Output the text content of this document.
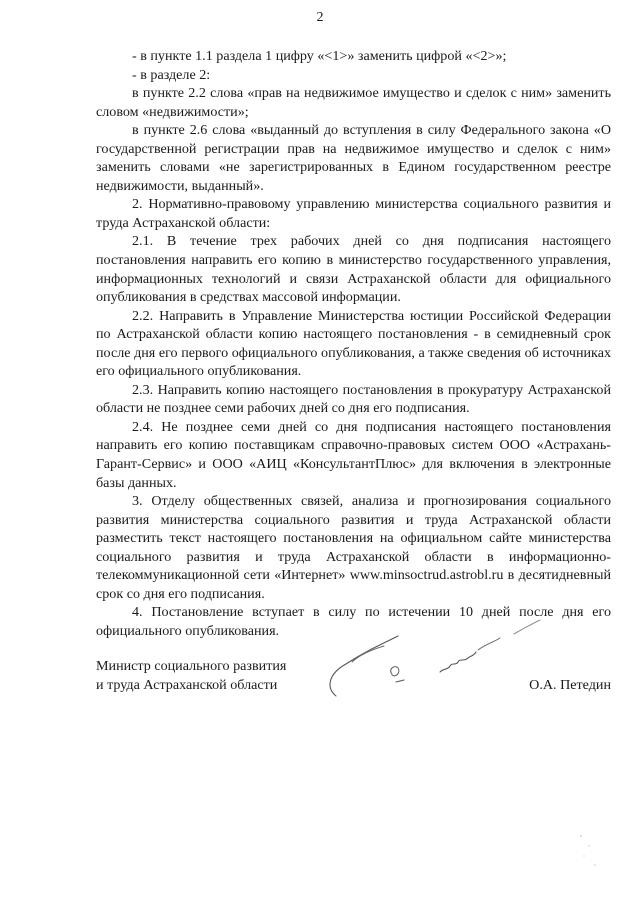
2

- в пункте 1.1 раздела 1 цифру «<1>» заменить цифрой «<2>»;

- в разделе 2:

в пункте 2.2 слова «прав на недвижимое имущество и сделок с ним» заменить словом «недвижимости»;

в пункте 2.6 слова «выданный до вступления в силу Федерального закона «О государственной регистрации прав на недвижимое имущество и сделок с ним» заменить словами «не зарегистрированных в Едином государственном реестре недвижимости, выданный».

2. Нормативно-правовому управлению министерства социального развития и труда Астраханской области:

2.1. В течение трех рабочих дней со дня подписания настоящего постановления направить его копию в министерство государственного управления, информационных технологий и связи Астраханской области для официального опубликования в средствах массовой информации.

2.2. Направить в Управление Министерства юстиции Российской Федерации по Астраханской области копию настоящего постановления - в семидневный срок после дня его первого официального опубликования, а также сведения об источниках его официального опубликования.

2.3. Направить копию настоящего постановления в прокуратуру Астраханской области не позднее семи рабочих дней со дня его подписания.

2.4. Не позднее семи дней со дня подписания настоящего постановления направить его копию поставщикам справочно-правовых систем ООО «Астрахань-Гарант-Сервис» и ООО «АИЦ «КонсультантПлюс» для включения в электронные базы данных.

3. Отделу общественных связей, анализа и прогнозирования социального развития министерства социального развития и труда Астраханской области разместить текст настоящего постановления на официальном сайте министерства социального развития и труда Астраханской области в информационно-телекоммуникационной сети «Интернет» www.minsoctrud.astrobl.ru в десятидневный срок со дня его подписания.

4. Постановление вступает в силу по истечении 10 дней после дня его официального опубликования.

Министр социального развития
и труда Астраханской области	О.А. Петедин
